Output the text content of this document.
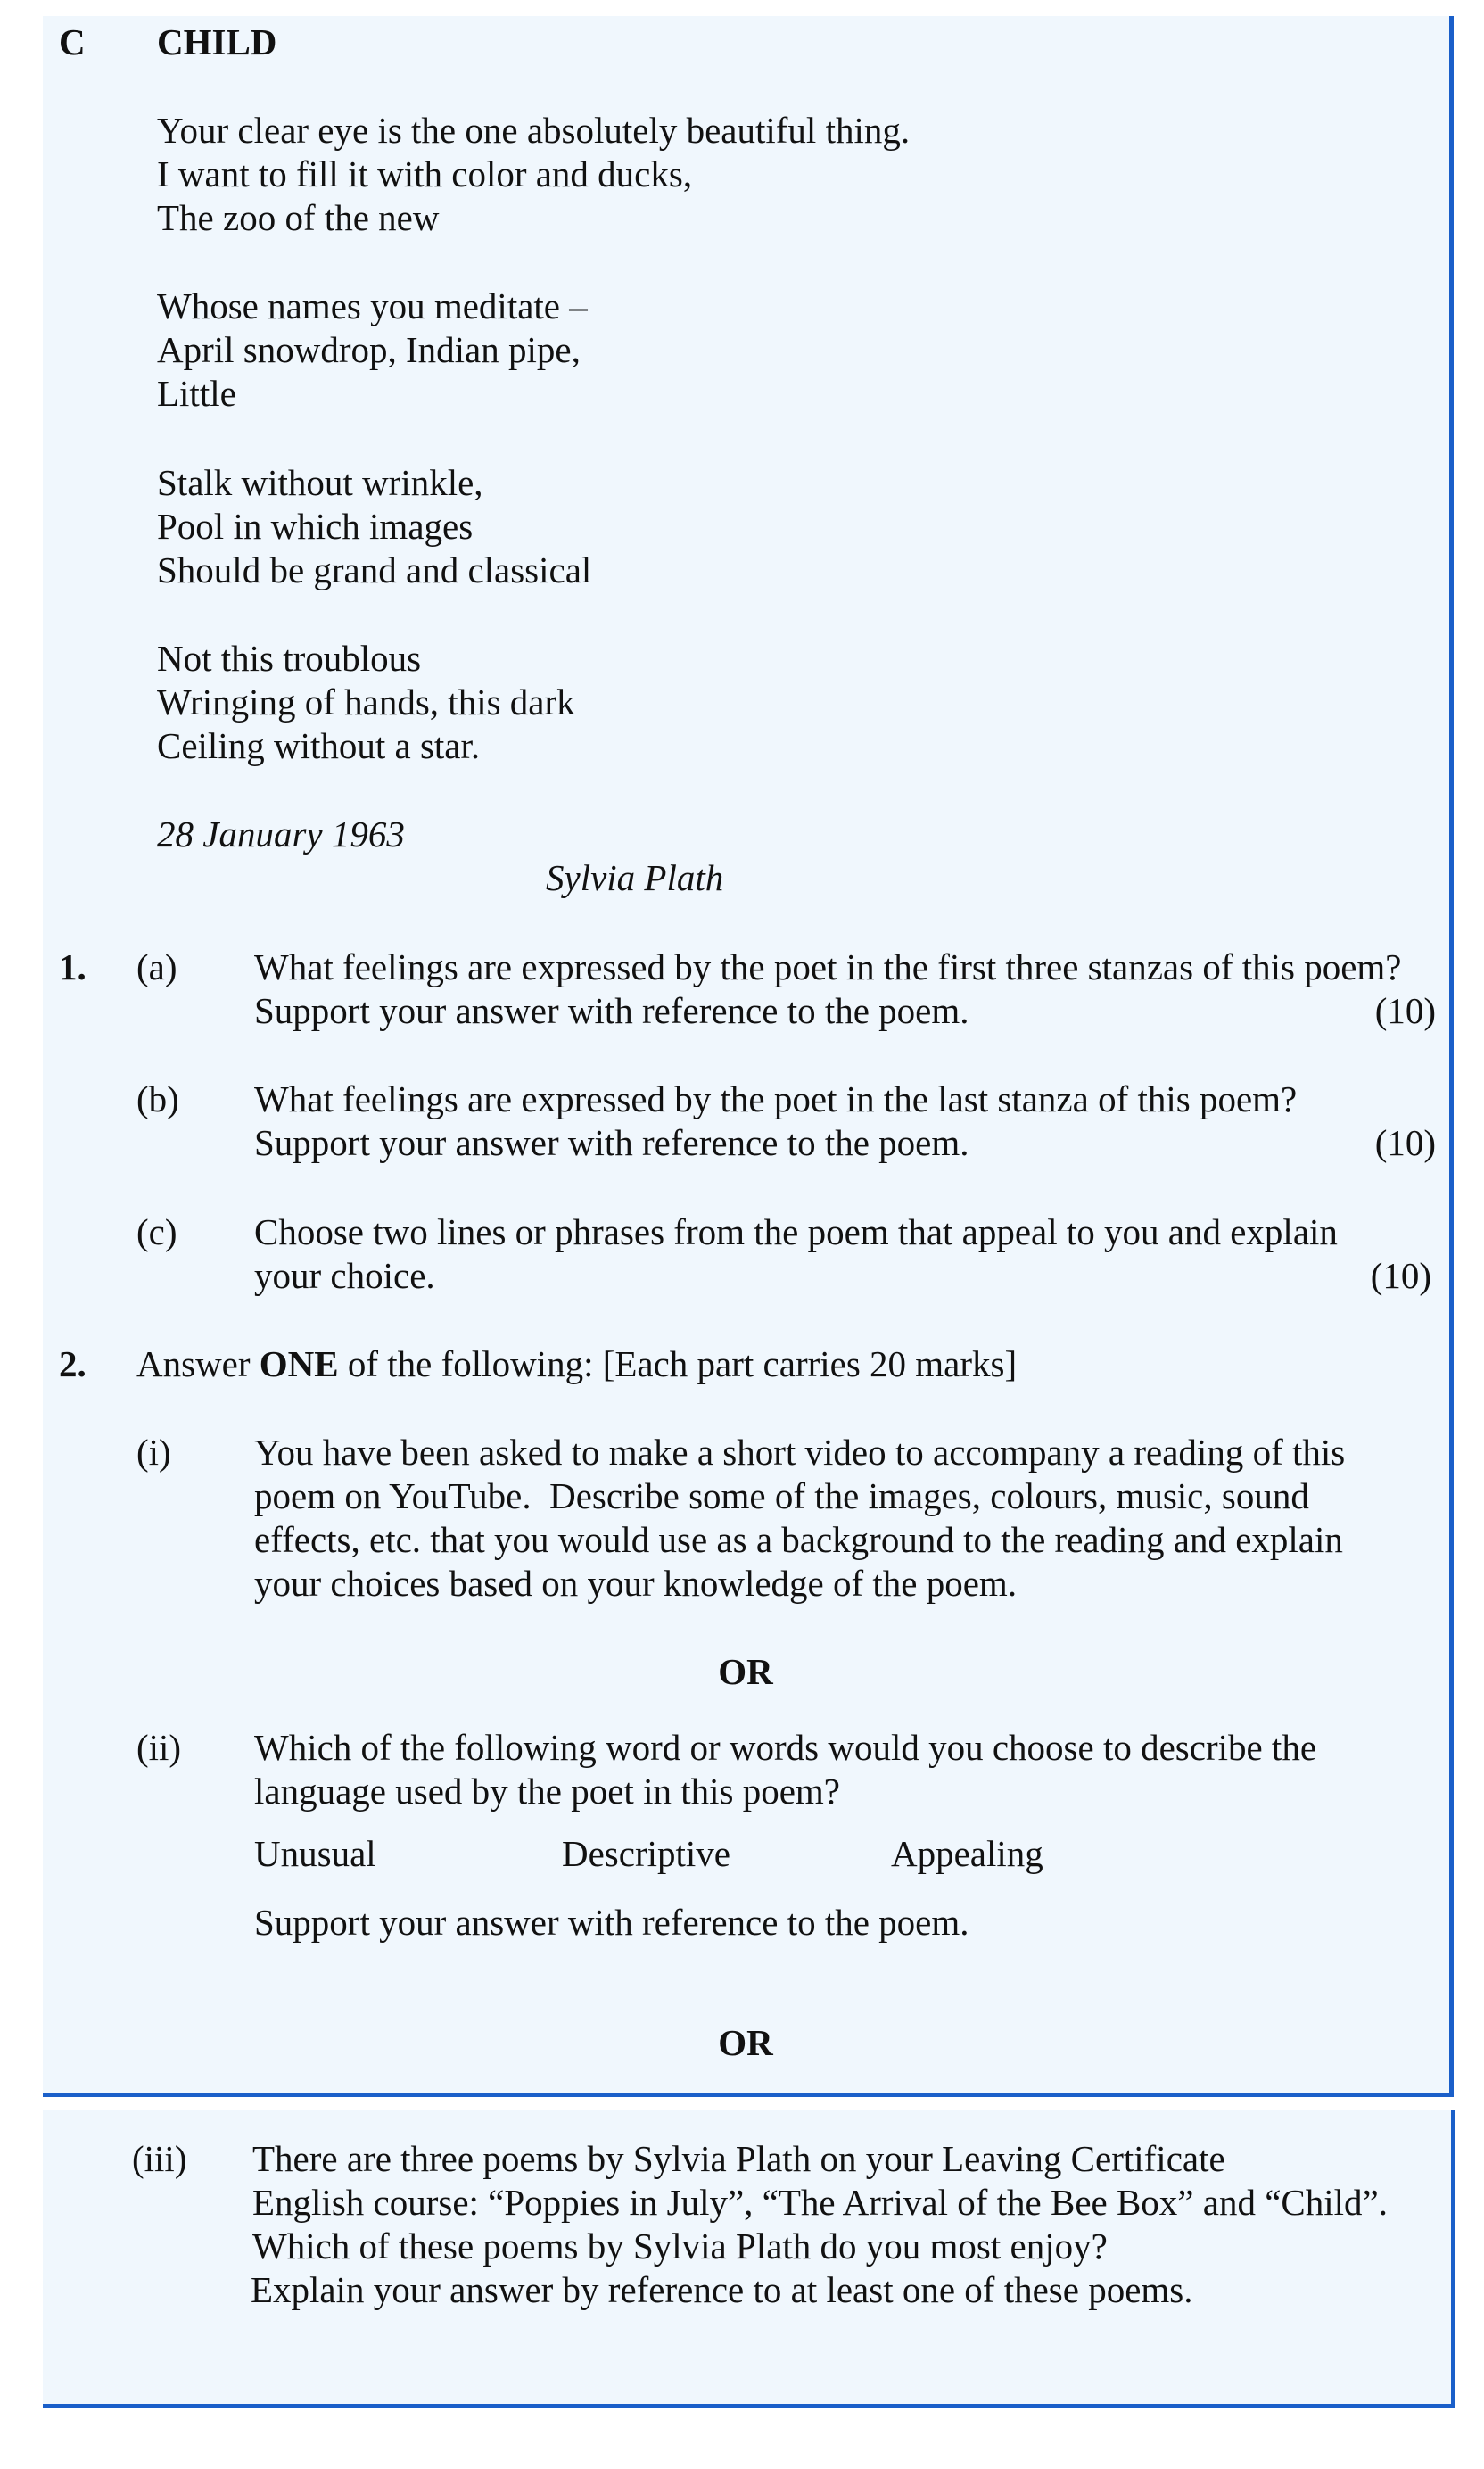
C CHILD
Your clear eye is the one absolutely beautiful thing.
I want to fill it with color and ducks,
The zoo of the new
Whose names you meditate –
April snowdrop, Indian pipe,
Little
Stalk without wrinkle,
Pool in which images
Should be grand and classical
Not this troublous
Wringing of hands, this dark
Ceiling without a star.
28 January 1963
Sylvia Plath
1. (a) What feelings are expressed by the poet in the first three stanzas of this poem?
Support your answer with reference to the poem.	(10)
(b) What feelings are expressed by the poet in the last stanza of this poem?
Support your answer with reference to the poem.	(10)
(c) Choose two lines or phrases from the poem that appeal to you and explain
your choice.	(10)
2. Answer ONE of the following: [Each part carries 20 marks]
(i) You have been asked to make a short video to accompany a reading of this
poem on YouTube.  Describe some of the images, colours, music, sound
effects, etc. that you would use as a background to the reading and explain
your choices based on your knowledge of the poem.
OR
(ii) Which of the following word or words would you choose to describe the
language used by the poet in this poem?
Unusual	Descriptive	Appealing
Support your answer with reference to the poem.
OR
(iii) There are three poems by Sylvia Plath on your Leaving Certificate
English course: “Poppies in July”, “The Arrival of the Bee Box” and “Child”.
Which of these poems by Sylvia Plath do you most enjoy?
Explain your answer by reference to at least one of these poems.
